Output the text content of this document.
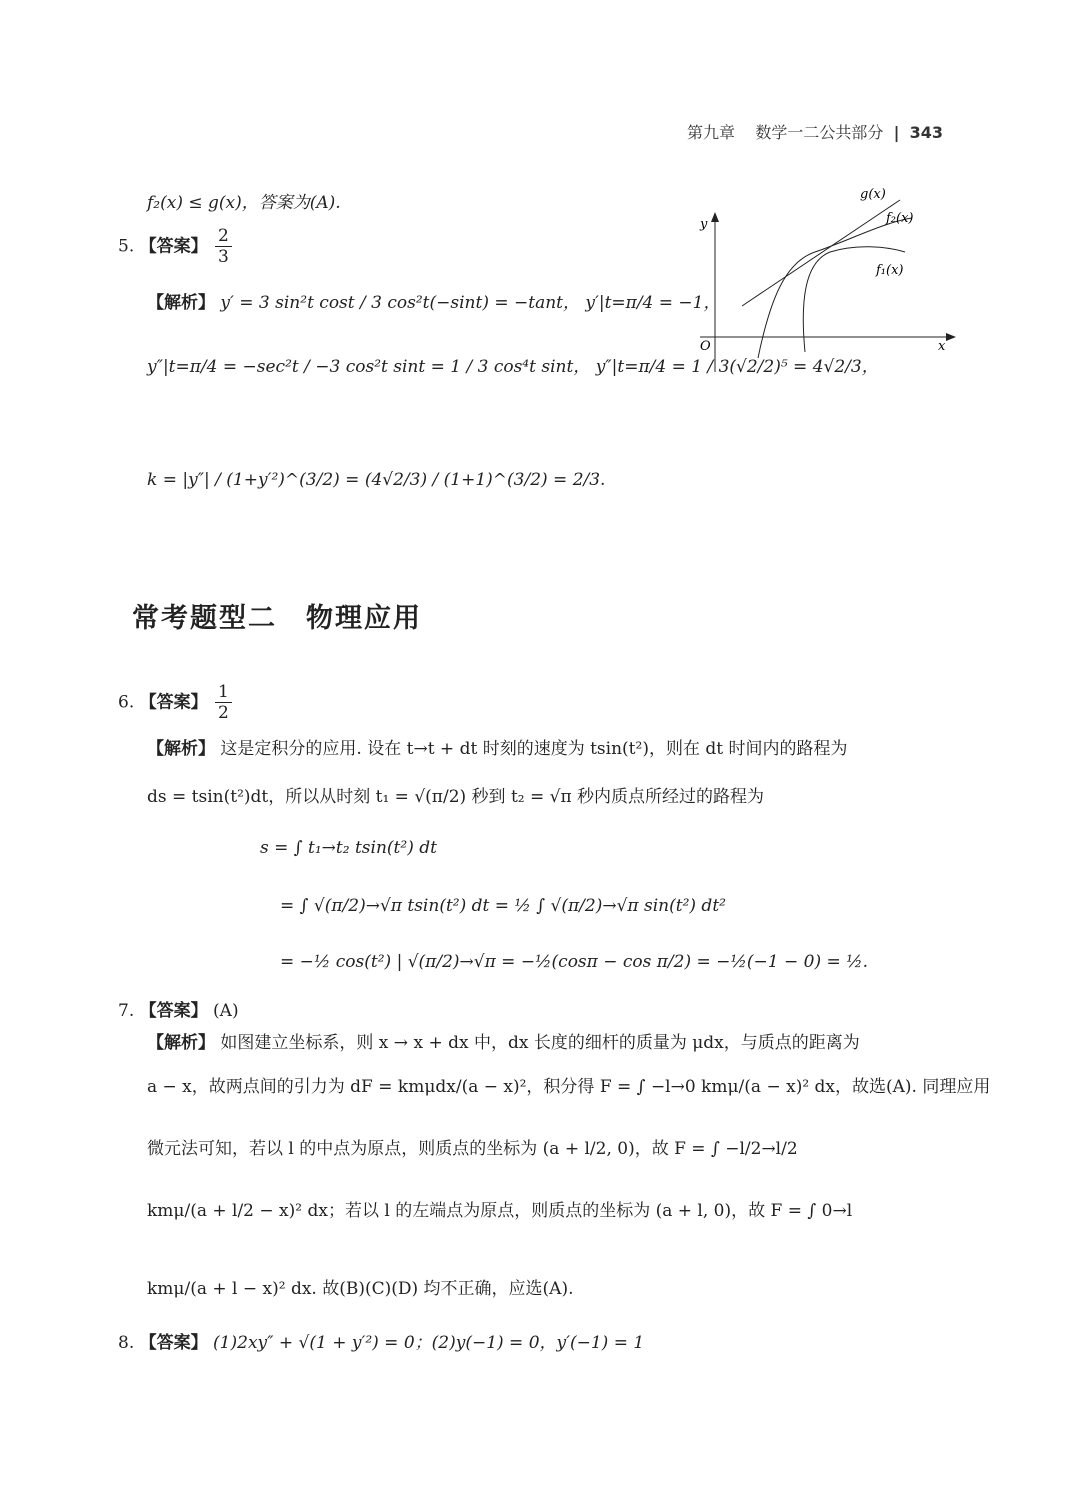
第九章 数学一二公共部分 | 343
g(x)
f₂(x)
f₁(x)
y
x
O
f₂(x) ≤ g(x)，答案为(A).
5. 【答案】 $\frac{2}{3}$
【解析】 y′ = 3 sin²t cost / 3 cos²t(−sint) = −tant， y′|t=π/4 = −1，
y″|t=π/4 = −sec²t / −3 cos²t sint = 1 / 3 cos⁴t sint， y″|t=π/4 = 1 / 3(√2/2)⁵ = 4√2/3，
k = |y″| / (1+y′²)^(3/2) = (4√2/3) / (1+1)^(3/2) = 2/3.
常考题型二　物理应用
6. 【答案】 $\frac{1}{2}$
【解析】 这是定积分的应用. 设在 t→t + dt 时刻的速度为 tsin(t²)，则在 dt 时间内的路程为
ds = tsin(t²)dt，所以从时刻 t₁ = √(π/2) 秒到 t₂ = √π 秒内质点所经过的路程为
s = ∫ t₁→t₂ tsin(t²) dt
= ∫ √(π/2)→√π tsin(t²) dt = ½ ∫ √(π/2)→√π sin(t²) dt²
= −½ cos(t²) | √(π/2)→√π = −½(cosπ − cos π/2) = −½(−1 − 0) = ½.
7. 【答案】 (A)
【解析】 如图建立坐标系，则 x → x + dx 中，dx 长度的细杆的质量为 μdx，与质点的距离为
a − x，故两点间的引力为 dF = kmμdx/(a − x)²，积分得 F = ∫ −l→0 kmμ/(a − x)² dx，故选(A). 同理应用
微元法可知，若以 l 的中点为原点，则质点的坐标为 (a + l/2, 0)，故 F = ∫ −l/2→l/2
kmμ/(a + l/2 − x)² dx；若以 l 的左端点为原点，则质点的坐标为 (a + l, 0)，故 F = ∫ 0→l
kmμ/(a + l − x)² dx. 故(B)(C)(D) 均不正确，应选(A).
8. 【答案】 (1)2xy″ + √(1 + y′²) = 0；(2)y(−1) = 0，y′(−1) = 1
